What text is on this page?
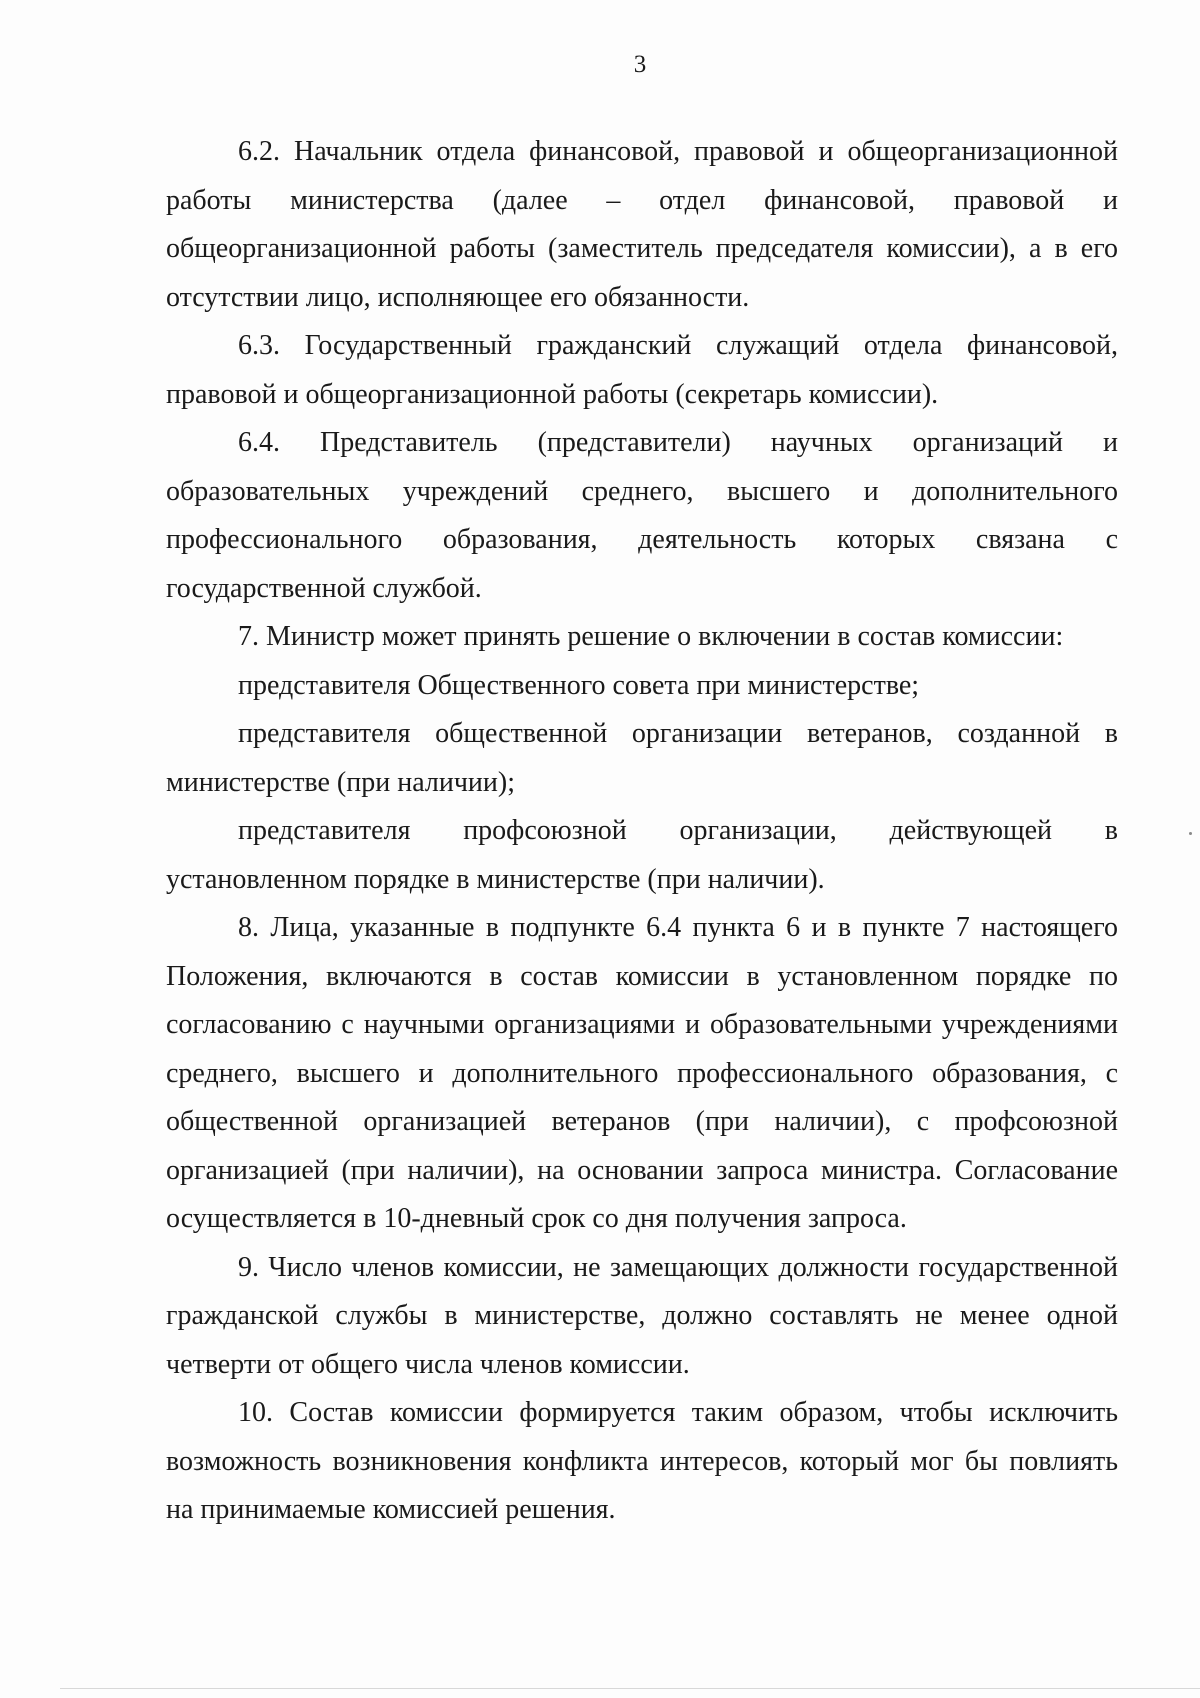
3

6.2. Начальник отдела финансовой, правовой и общеорганизационной работы министерства (далее – отдел финансовой, правовой и общеорганизационной работы (заместитель председателя комиссии), а в его отсутствии лицо, исполняющее его обязанности.

6.3. Государственный гражданский служащий отдела финансовой, правовой и общеорганизационной работы (секретарь комиссии).

6.4. Представитель (представители) научных организаций и образовательных учреждений среднего, высшего и дополнительного профессионального образования, деятельность которых связана с государственной службой.

7. Министр может принять решение о включении в состав комиссии:

представителя Общественного совета при министерстве;

представителя общественной организации ветеранов, созданной в министерстве (при наличии);

представителя профсоюзной организации, действующей в установленном порядке в министерстве (при наличии).

8. Лица, указанные в подпункте 6.4 пункта 6 и в пункте 7 настоящего Положения, включаются в состав комиссии в установленном порядке по согласованию с научными организациями и образовательными учреждениями среднего, высшего и дополнительного профессионального образования, с общественной организацией ветеранов (при наличии), с профсоюзной организацией (при наличии), на основании запроса министра. Согласование осуществляется в 10-дневный срок со дня получения запроса.

9. Число членов комиссии, не замещающих должности государственной гражданской службы в министерстве, должно составлять не менее одной четверти от общего числа членов комиссии.

10. Состав комиссии формируется таким образом, чтобы исключить возможность возникновения конфликта интересов, который мог бы повлиять на принимаемые комиссией решения.
